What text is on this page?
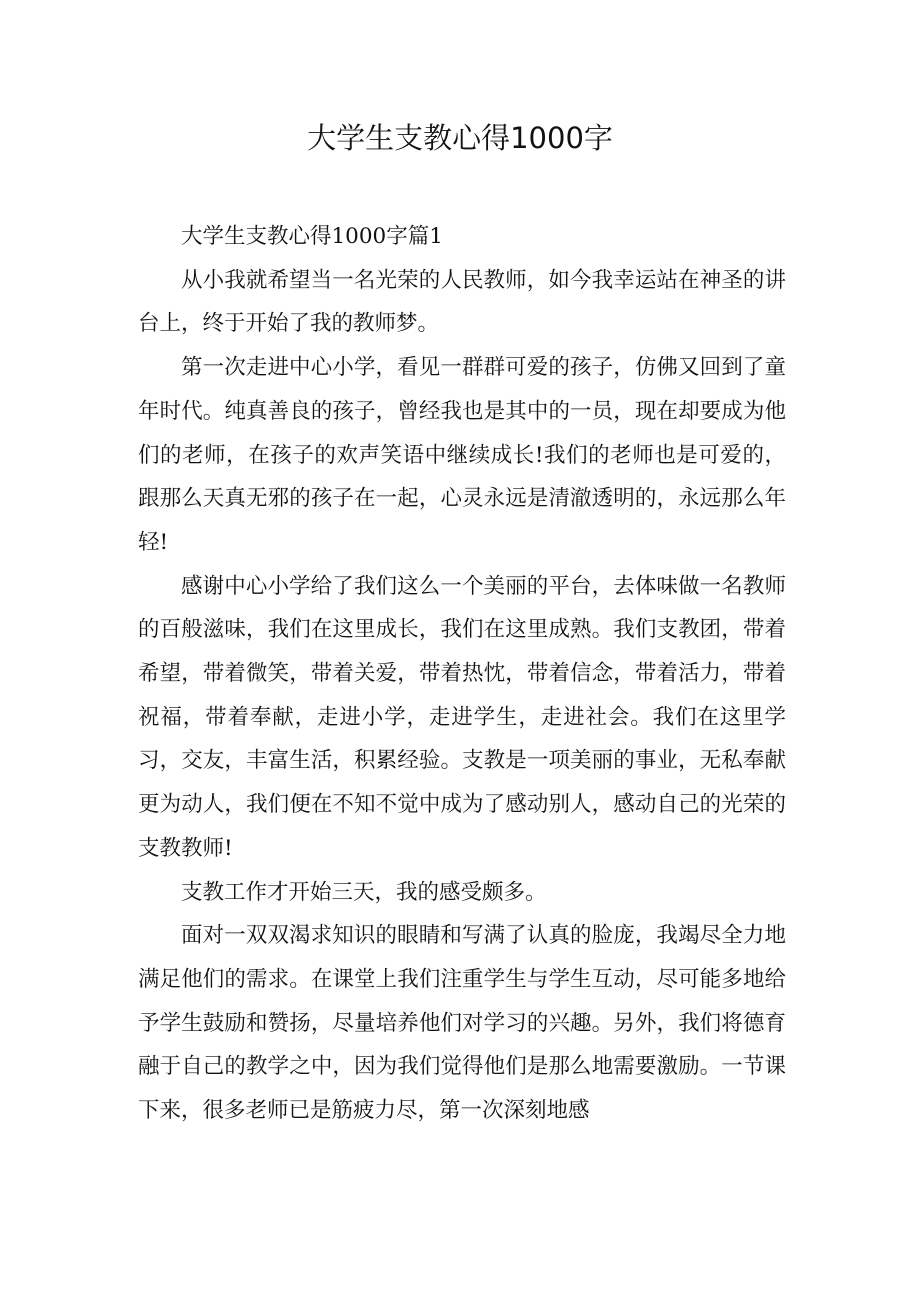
大学生支教心得1000字

大学生支教心得1000字篇1

从小我就希望当一名光荣的人民教师，如今我幸运站在神圣的讲台上，终于开始了我的教师梦。

第一次走进中心小学，看见一群群可爱的孩子，仿佛又回到了童年时代。纯真善良的孩子，曾经我也是其中的一员，现在却要成为他们的老师，在孩子的欢声笑语中继续成长!我们的老师也是可爱的，跟那么天真无邪的孩子在一起，心灵永远是清澈透明的，永远那么年轻!

感谢中心小学给了我们这么一个美丽的平台，去体味做一名教师的百般滋味，我们在这里成长，我们在这里成熟。我们支教团，带着希望，带着微笑，带着关爱，带着热忱，带着信念，带着活力，带着祝福，带着奉献，走进小学，走进学生，走进社会。我们在这里学习，交友，丰富生活，积累经验。支教是一项美丽的事业，无私奉献更为动人，我们便在不知不觉中成为了感动别人，感动自己的光荣的支教教师!

支教工作才开始三天，我的感受颇多。

面对一双双渴求知识的眼睛和写满了认真的脸庞，我竭尽全力地满足他们的需求。在课堂上我们注重学生与学生互动，尽可能多地给予学生鼓励和赞扬，尽量培养他们对学习的兴趣。另外，我们将德育融于自己的教学之中，因为我们觉得他们是那么地需要激励。一节课下来，很多老师已是筋疲力尽，第一次深刻地感
